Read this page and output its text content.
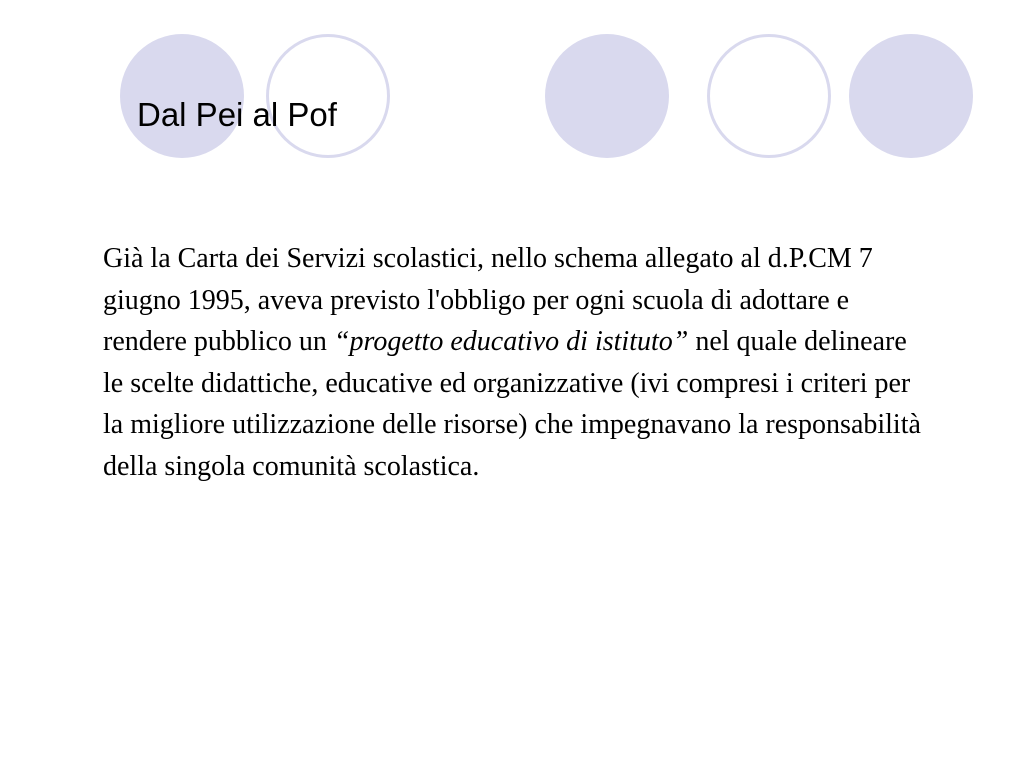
Dal Pei al Pof

Già la Carta dei Servizi scolastici, nello schema allegato al d.P.CM 7 giugno 1995, aveva previsto l'obbligo per ogni scuola di adottare e rendere pubblico un “progetto educativo di istituto” nel quale delineare le scelte didattiche, educative ed organizzative (ivi compresi i criteri per la migliore utilizzazione delle risorse) che impegnavano la responsabilità della singola comunità scolastica.
